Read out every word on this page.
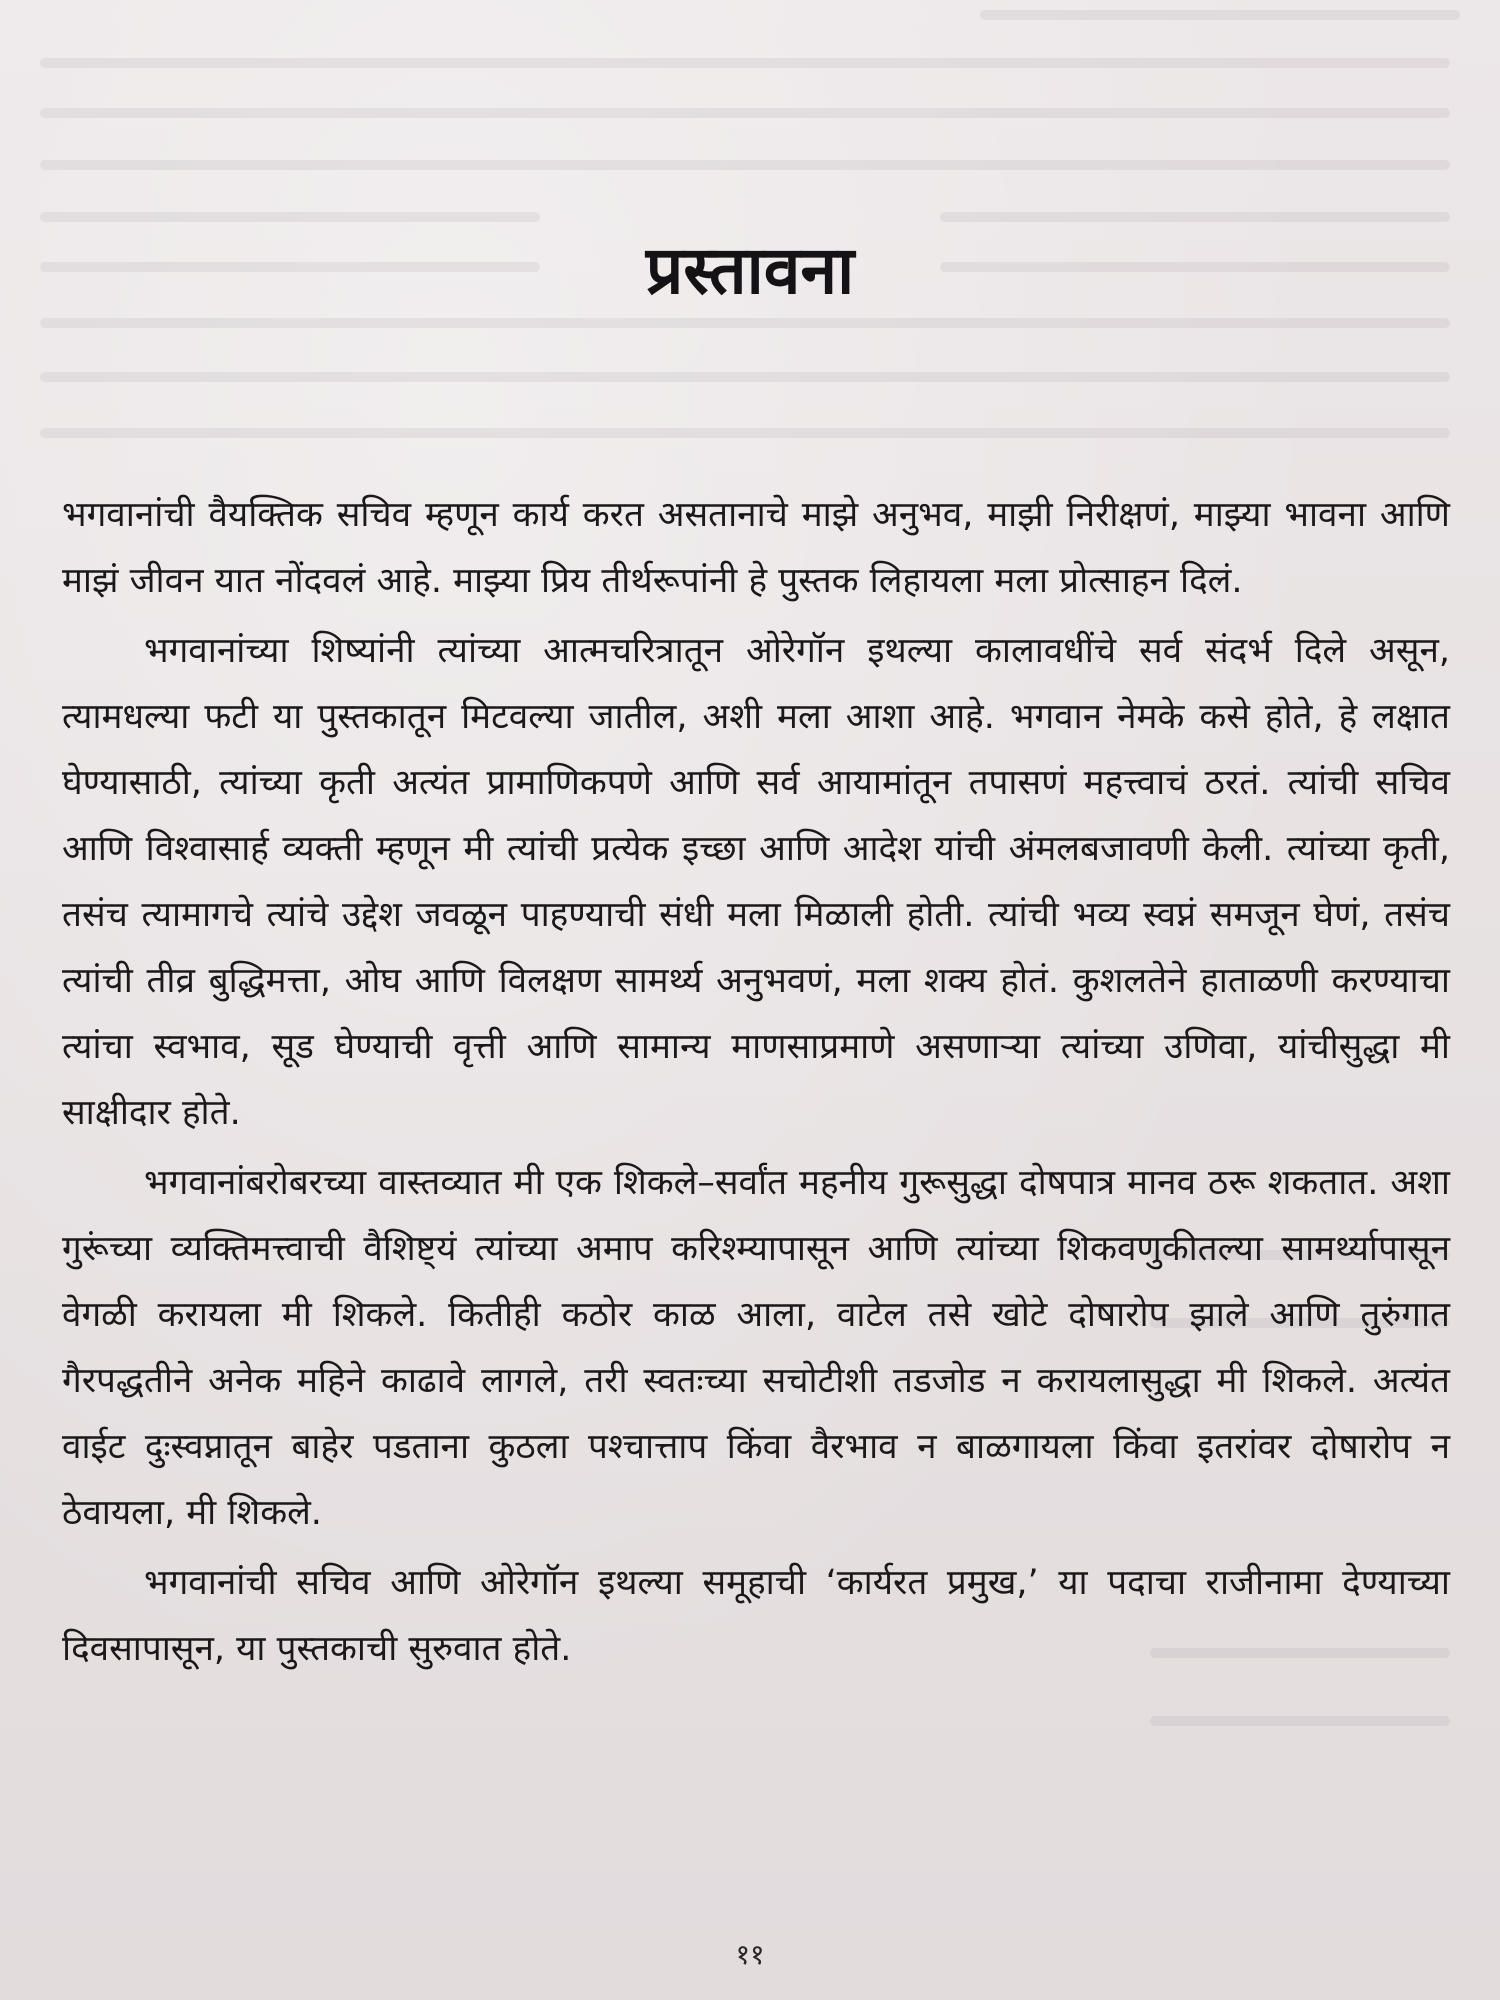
प्रस्तावना

भगवानांची वैयक्तिक सचिव म्हणून कार्य करत असतानाचे माझे अनुभव, माझी निरीक्षणं, माझ्या भावना आणि माझं जीवन यात नोंदवलं आहे. माझ्या प्रिय तीर्थरूपांनी हे पुस्तक लिहायला मला प्रोत्साहन दिलं.

भगवानांच्या शिष्यांनी त्यांच्या आत्मचरित्रातून ओरेगॉन इथल्या कालावधींचे सर्व संदर्भ दिले असून, त्यामधल्या फटी या पुस्तकातून मिटवल्या जातील, अशी मला आशा आहे. भगवान नेमके कसे होते, हे लक्षात घेण्यासाठी, त्यांच्या कृती अत्यंत प्रामाणिकपणे आणि सर्व आयामांतून तपासणं महत्त्वाचं ठरतं. त्यांची सचिव आणि विश्वासार्ह व्यक्ती म्हणून मी त्यांची प्रत्येक इच्छा आणि आदेश यांची अंमलबजावणी केली. त्यांच्या कृती, तसंच त्यामागचे त्यांचे उद्देश जवळून पाहण्याची संधी मला मिळाली होती. त्यांची भव्य स्वप्नं समजून घेणं, तसंच त्यांची तीव्र बुद्धिमत्ता, ओघ आणि विलक्षण सामर्थ्य अनुभवणं, मला शक्य होतं. कुशलतेने हाताळणी करण्याचा त्यांचा स्वभाव, सूड घेण्याची वृत्ती आणि सामान्य माणसाप्रमाणे असणाऱ्या त्यांच्या उणिवा, यांचीसुद्धा मी साक्षीदार होते.

भगवानांबरोबरच्या वास्तव्यात मी एक शिकले–सर्वांत महनीय गुरूसुद्धा दोषपात्र मानव ठरू शकतात. अशा गुरूंच्या व्यक्तिमत्त्वाची वैशिष्ट्यं त्यांच्या अमाप करिश्म्यापासून आणि त्यांच्या शिकवणुकीतल्या सामर्थ्यापासून वेगळी करायला मी शिकले. कितीही कठोर काळ आला, वाटेल तसे खोटे दोषारोप झाले आणि तुरुंगात गैरपद्धतीने अनेक महिने काढावे लागले, तरी स्वतःच्या सचोटीशी तडजोड न करायलासुद्धा मी शिकले. अत्यंत वाईट दुःस्वप्नातून बाहेर पडताना कुठला पश्चात्ताप किंवा वैरभाव न बाळगायला किंवा इतरांवर दोषारोप न ठेवायला, मी शिकले.

भगवानांची सचिव आणि ओरेगॉन इथल्या समूहाची ‘कार्यरत प्रमुख,’ या पदाचा राजीनामा देण्याच्या दिवसापासून, या पुस्तकाची सुरुवात होते.

११
